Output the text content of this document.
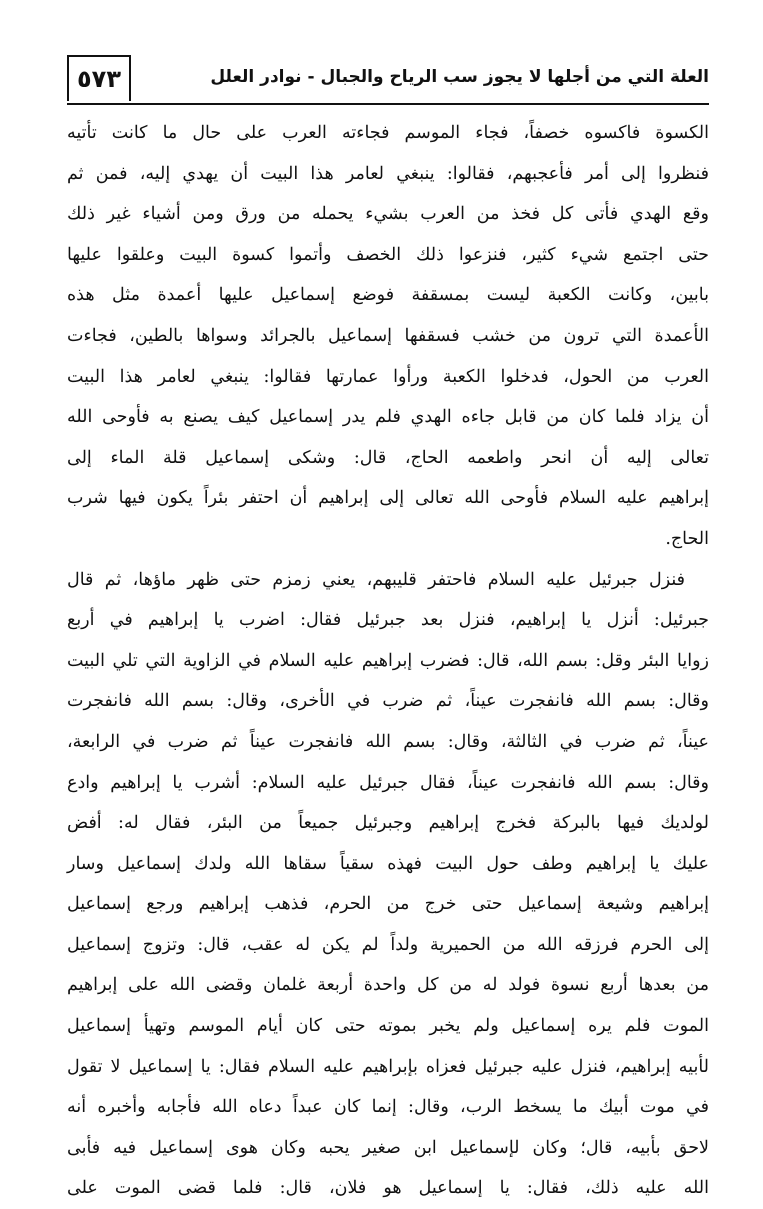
٥٧٣	العلة التي من أجلها لا يجوز سب الرياح والجبال - نوادر العلل
الكسوة فاكسوه خصفاً، فجاء الموسم فجاءته العرب على حال ما كانت تأتيه
فنظروا إلى أمر فأعجبهم، فقالوا: ينبغي لعامر هذا البيت أن يهدي إليه، فمن ثم
وقع الهدي فأتى كل فخذ من العرب بشيء يحمله من ورق ومن أشياء غير ذلك
حتى اجتمع شيء كثير، فنزعوا ذلك الخصف وأتموا كسوة البيت وعلقوا عليها
بابين، وكانت الكعبة ليست بمسقفة فوضع إسماعيل عليها أعمدة مثل هذه
الأعمدة التي ترون من خشب فسقفها إسماعيل بالجرائد وسواها بالطين، فجاءت
العرب من الحول، فدخلوا الكعبة ورأوا عمارتها فقالوا: ينبغي لعامر هذا البيت
أن يزاد فلما كان من قابل جاءه الهدي فلم يدر إسماعيل كيف يصنع به فأوحى الله
تعالى إليه أن انحر واطعمه الحاج، قال: وشكى إسماعيل قلة الماء إلى
إبراهيم عليه السلام فأوحى الله تعالى إلى إبراهيم أن احتفر بئراً يكون فيها شرب
الحاج.
فنزل جبرئيل عليه السلام فاحتفر قليبهم، يعني زمزم حتى ظهر ماؤها، ثم قال
جبرئيل: أنزل يا إبراهيم، فنزل بعد جبرئيل فقال: اضرب يا إبراهيم في أربع
زوايا البئر وقل: بسم الله، قال: فضرب إبراهيم عليه السلام في الزاوية التي تلي البيت
وقال: بسم الله فانفجرت عيناً، ثم ضرب في الأخرى، وقال: بسم الله فانفجرت
عيناً، ثم ضرب في الثالثة، وقال: بسم الله فانفجرت عيناً ثم ضرب في الرابعة،
وقال: بسم الله فانفجرت عيناً، فقال جبرئيل عليه السلام: أشرب يا إبراهيم وادع
لولديك فيها بالبركة فخرج إبراهيم وجبرئيل جميعاً من البئر، فقال له: أفض
عليك يا إبراهيم وطف حول البيت فهذه سقياً سقاها الله ولدك إسماعيل وسار
إبراهيم وشيعة إسماعيل حتى خرج من الحرم، فذهب إبراهيم ورجع إسماعيل
إلى الحرم فرزقه الله من الحميرية ولداً لم يكن له عقب، قال: وتزوج إسماعيل
من بعدها أربع نسوة فولد له من كل واحدة أربعة غلمان وقضى الله على إبراهيم
الموت فلم يره إسماعيل ولم يخبر بموته حتى كان أيام الموسم وتهيأ إسماعيل
لأبيه إبراهيم، فنزل عليه جبرئيل فعزاه بإبراهيم عليه السلام فقال: يا إسماعيل لا تقول
في موت أبيك ما يسخط الرب، وقال: إنما كان عبداً دعاه الله فأجابه وأخبره أنه
لاحق بأبيه، قال؛ وكان لإسماعيل ابن صغير يحبه وكان هوى إسماعيل فيه فأبى
الله عليه ذلك، فقال: يا إسماعيل هو فلان، قال: فلما قضى الموت على
